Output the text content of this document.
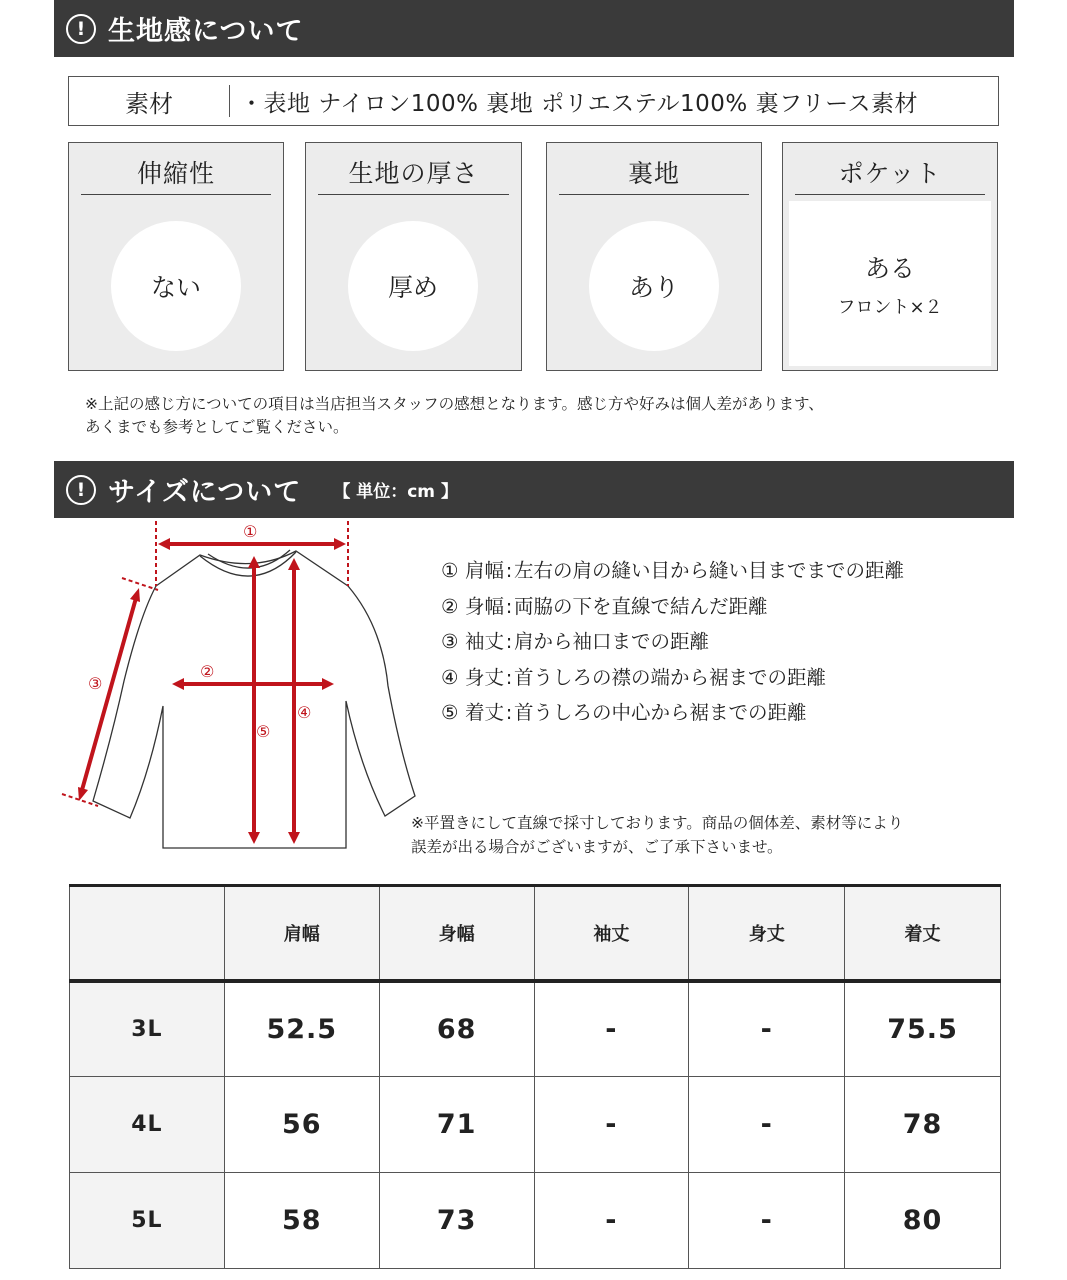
! 生地感について
素材	・表地 ナイロン100% 裏地 ポリエステル100% 裏フリース素材
伸縮性
ない
生地の厚さ
厚め
裏地
あり
ポケット
ある
フロント×２
※上記の感じ方についての項目は当店担当スタッフの感想となります。感じ方や好みは個人差があります、
あくまでも参考としてご覧ください。
! サイズについて 【 単位：cm 】
①
②
③
④
⑤
① 肩幅:左右の肩の縫い目から縫い目までまでの距離
② 身幅:両脇の下を直線で結んだ距離
③ 袖丈:肩から袖口までの距離
④ 身丈:首うしろの襟の端から裾までの距離
⑤ 着丈:首うしろの中心から裾までの距離
※平置きにして直線で採寸しております。商品の個体差、素材等により
誤差が出る場合がございますが、ご了承下さいませ。
	肩幅	身幅	袖丈	身丈	着丈
3L	52.5	68	-	-	75.5
4L	56	71	-	-	78
5L	58	73	-	-	80
